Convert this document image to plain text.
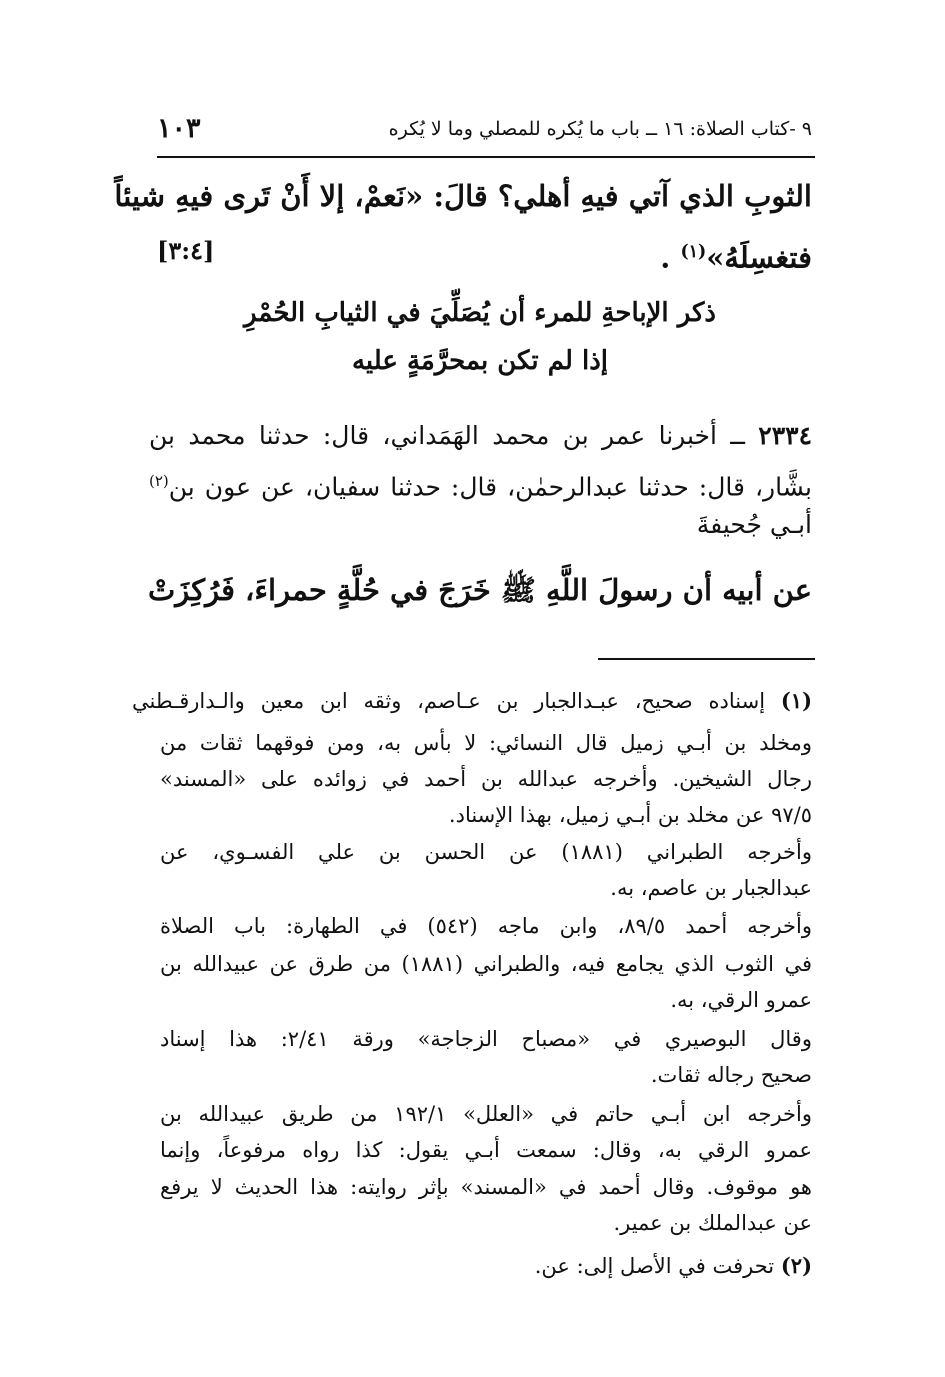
٩ -كتاب الصلاة: ١٦ ــ باب ما يُكره للمصلي وما لا يُكره
١٠٣
الثوبِ الذي آتي فيهِ أهلي؟ قالَ: «نَعمْ، إلا أَنْ تَرى فيهِ شيئاً
فتغسِلَهُ»$^{(١)}$ .
[٣:٤]
ذكر الإباحةِ للمرء أن يُصَلِّيَ في الثيابِ الحُمْرِ
إذا لم تكن بمحرَّمَةٍ عليه
٢٣٣٤ ــ أخبرنا عمر بن محمد الهَمَداني، قال: حدثنا محمد بن
بشَّار، قال: حدثنا عبدالرحمٰن، قال: حدثنا سفيان، عن عون بن$^{(٢)}$
أبـي جُحيفةَ
عن أبيه أن رسولَ اللَّهِ ﷺ خَرَجَ في حُلَّةٍ حمراءَ، فَرُكِزَتْ
(١) إسناده صحيح، عبـدالجبار بن عـاصم، وثقه ابن معين والـدارقـطني
ومخلد بن أبـي زميل قال النسائي: لا بأس به، ومن فوقهما ثقات من
رجال الشيخين. وأخرجه عبدالله بن أحمد في زوائده على «المسند»
٩٧/٥ عن مخلد بن أبـي زميل، بهذا الإسناد.
وأخرجه الطبراني (١٨٨١) عن الحسن بن علي الفسـوي، عن
عبدالجبار بن عاصم، به.
وأخرجه أحمد ٨٩/٥، وابن ماجه (٥٤٢) في الطهارة: باب الصلاة
في الثوب الذي يجامع فيه، والطبراني (١٨٨١) من طرق عن عبيدالله بن
عمرو الرقي، به.
وقال البوصيري في «مصباح الزجاجة» ورقة ٢/٤١: هذا إسناد
صحيح رجاله ثقات.
وأخرجه ابن أبـي حاتم في «العلل» ١٩٢/١ من طريق عبيدالله بن
عمرو الرقي به، وقال: سمعت أبـي يقول: كذا رواه مرفوعاً، وإنما
هو موقوف. وقال أحمد في «المسند» بإثر روايته: هذا الحديث لا يرفع
عن عبدالملك بن عمير.
(٢) تحرفت في الأصل إلى: عن.
